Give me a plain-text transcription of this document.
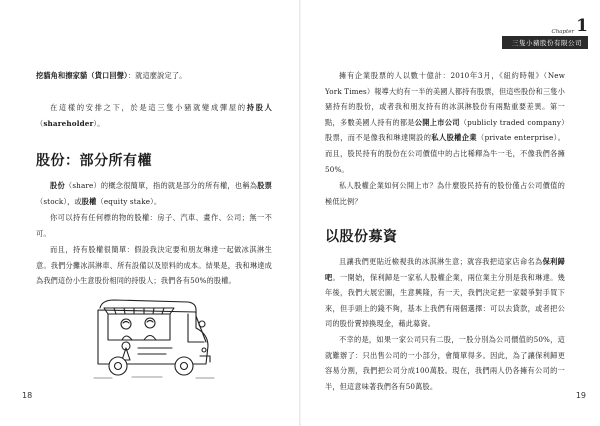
挖貓角和擦家貓（貨口回聲）：就這麼說定了。

在這樣的安排之下，於是這三隻小豬就變成彈屋的持股人（shareholder）。

股份：部分所有權

股份（share）的概念很簡單，指的就是部分的所有權，也稱為股票（stock），或股權（equity stake）。

你可以持有任何標的物的股權：房子、汽車、畫作、公司；無一不可。

而且，持有股權很簡單：假設我決定要和朋友琳達一起做冰淇淋生意。我們分攤冰淇淋車、所有設備以及原料的成本。結果是，我和琳達成為我們這份小生意股份相同的持股人；我們各有50%的股權。

18
Chapter 1
三隻小豬股份有限公司

擁有企業股票的人以數十億計：2010年3月，《紐約時報》（New York Times）報導大約有一半的美國人都持有股票，但這些股份和三隻小豬持有的股份，或者我和朋友持有的冰淇淋股份有兩點重要差異。第一點，多數美國人持有的都是公開上市公司（publicly traded company）股票，而不是像我和琳達開設的私人股權企業（private enterprise）。而且，股民持有的股份在公司價值中的占比稀釋為牛一毛，不像我們各擁50%。

私人股權企業如何公開上市？為什麼股民持有的股份僅占公司價值的極低比例？

以股份募資

且讓我們更貼近檢視我的冰淇淋生意；就容我把這家店命名為保利歸吧。一開始，保利歸是一家私人股權企業，兩位業主分別是我和琳達。幾年後，我們大展宏圖，生意興隆，有一天，我們決定把一家競爭對手買下來，但手頭上的錢不夠，基本上我們有兩個選擇：可以去貸款，或者把公司的股份賣掉換現金，藉此募資。

不幸的是，如果一家公司只有二股，一股分別為公司價值的50%，這就難辦了：只出售公司的一小部分，會簡單得多。因此，為了讓保利歸更容易分割，我們把公司分成100萬股。現在，我們兩人仍各擁有公司的一半，但這意味著我們各有50萬股。

19
